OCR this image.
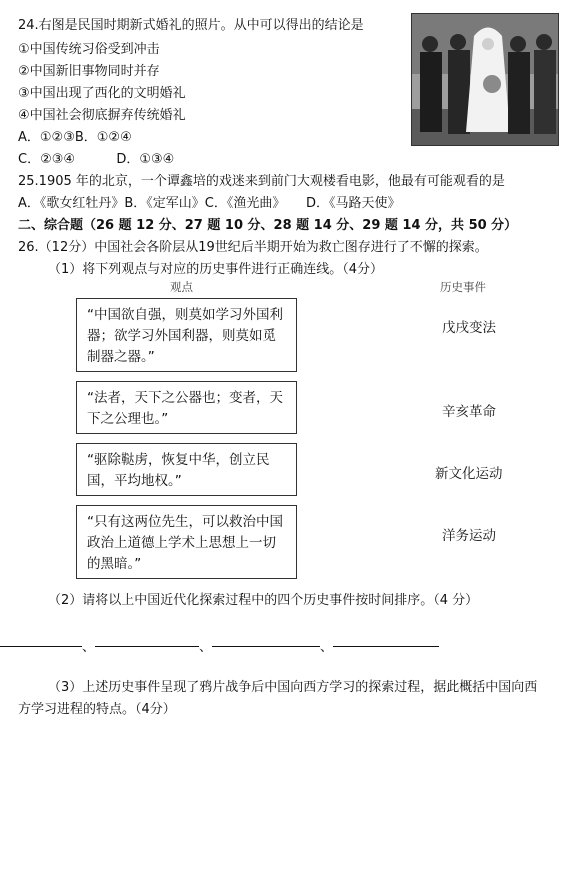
24.右图是民国时期新式婚礼的照片。从中可以得出的结论是
①中国传统习俗受到冲击
②中国新旧事物同时并存
③中国出现了西化的文明婚礼
④中国社会彻底摒弃传统婚礼
A．①②③B．①②④
C．②③④          D．①③④
25.1905 年的北京，一个谭鑫培的戏迷来到前门大观楼看电影，他最有可能观看的是
A．《歌女红牡丹》B．《定军山》C．《渔光曲》     D．《马路天使》
二、综合题（26 题 12 分、27 题 10 分、28 题 14 分、29 题 14 分，共 50 分）
26.（12分）中国社会各阶层从19世纪后半期开始为救亡图存进行了不懈的探索。
（1）将下列观点与对应的历史事件进行正确连线。（4分）
观点	历史事件
“中国欲自强，则莫如学习外国利器；欲学习外国利器，则莫如觅制器之器。”
“法者，天下之公器也；变者，天下之公理也。”
“驱除鞑虏，恢复中华，创立民国，平均地权。”
“只有这两位先生，可以救治中国政治上道德上学术上思想上一切的黑暗。”
戊戌变法
辛亥革命
新文化运动
洋务运动
（2）请将以上中国近代化探索过程中的四个历史事件按时间排序。（4 分）
、	、	、
（3）上述历史事件呈现了鸦片战争后中国向西方学习的探索过程，据此概括中国向西
方学习进程的特点。（4分）
